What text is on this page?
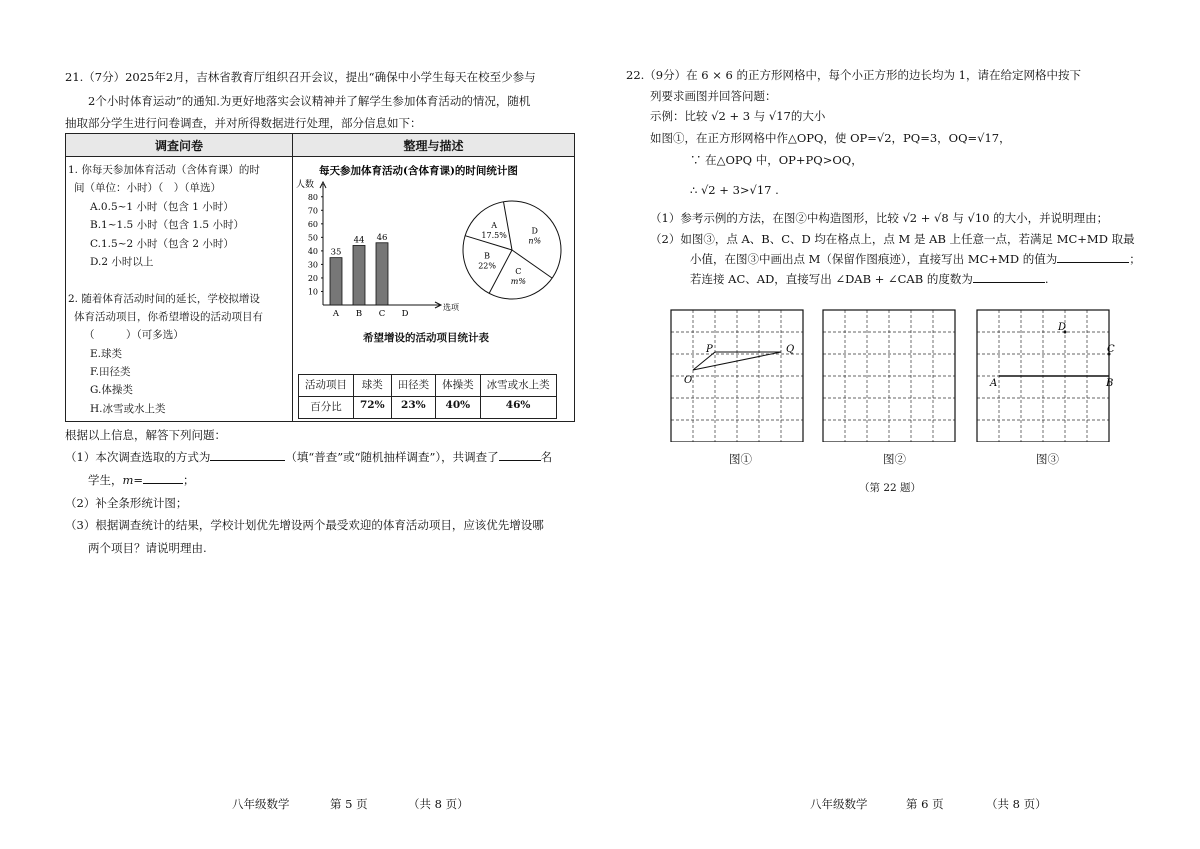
21.（7分）2025年2月，吉林省教育厅组织召开会议，提出“确保中小学生每天在校至少参与
2个小时体育运动”的通知.为更好地落实会议精神并了解学生参加体育活动的情况，随机
抽取部分学生进行问卷调查，并对所得数据进行处理，部分信息如下：
调查问卷	整理与描述

1. 你每天参加体育活动（含体育课）的时
间（单位：小时）（　）（单选）
A.0.5~1 小时（包含 1 小时）
B.1~1.5 小时（包含 1.5 小时）
C.1.5~2 小时（包含 2 小时）
D.2 小时以上
2. 随着体育活动时间的延长，学校拟增设
体育活动项目，你希望增设的活动项目有
（　　　）（可多选）
E.球类
F.田径类
G.体操类
H.冰雪或水上类

每天参加体育活动(含体育课)的时间统计图
人数
选项
10
20
30
40
50
60
70
80
35
A
44
B
46
C D
A
17.5%
B
22%
C
m%
D
n%
希望增设的活动项目统计表
活动项目	球类	田径类	体操类	冰雪或水上类
百分比	72%	23%	40%	46%
根据以上信息，解答下列问题：
（1）本次调查选取的方式为	（填“普查”或“随机抽样调查”），共调查了	名
学生，m=	；
（2）补全条形统计图；
（3）根据调查统计的结果，学校计划优先增设两个最受欢迎的体育活动项目，应该优先增设哪
两个项目？请说明理由.
22.（9分）在 6 × 6 的正方形网格中，每个小正方形的边长均为 1，请在给定网格中按下
列要求画图并回答问题：
示例：比较 √2 + 3 与 √17的大小
如图①，在正方形网格中作△OPQ，使 OP=√2，PQ=3，OQ=√17，
∵ 在△OPQ 中，OP+PQ>OQ，
∴ √2 + 3>√17 .
（1）参考示例的方法，在图②中构造图形，比较 √2 + √8 与 √10 的大小，并说明理由；
（2）如图③，点 A、B、C、D 均在格点上，点 M 是 AB 上任意一点，若满足 MC+MD 取最
小值，在图③中画出点 M（保留作图痕迹），直接写出 MC+MD 的值为	；
若连接 AC、AD，直接写出 ∠DAB + ∠CAB 的度数为	.
P	Q
O	A	B
C
D
图①	图②	图③
（第 22 题）
八年级数学	第 5 页	（共 8 页）	八年级数学	第 6 页	（共 8 页）
